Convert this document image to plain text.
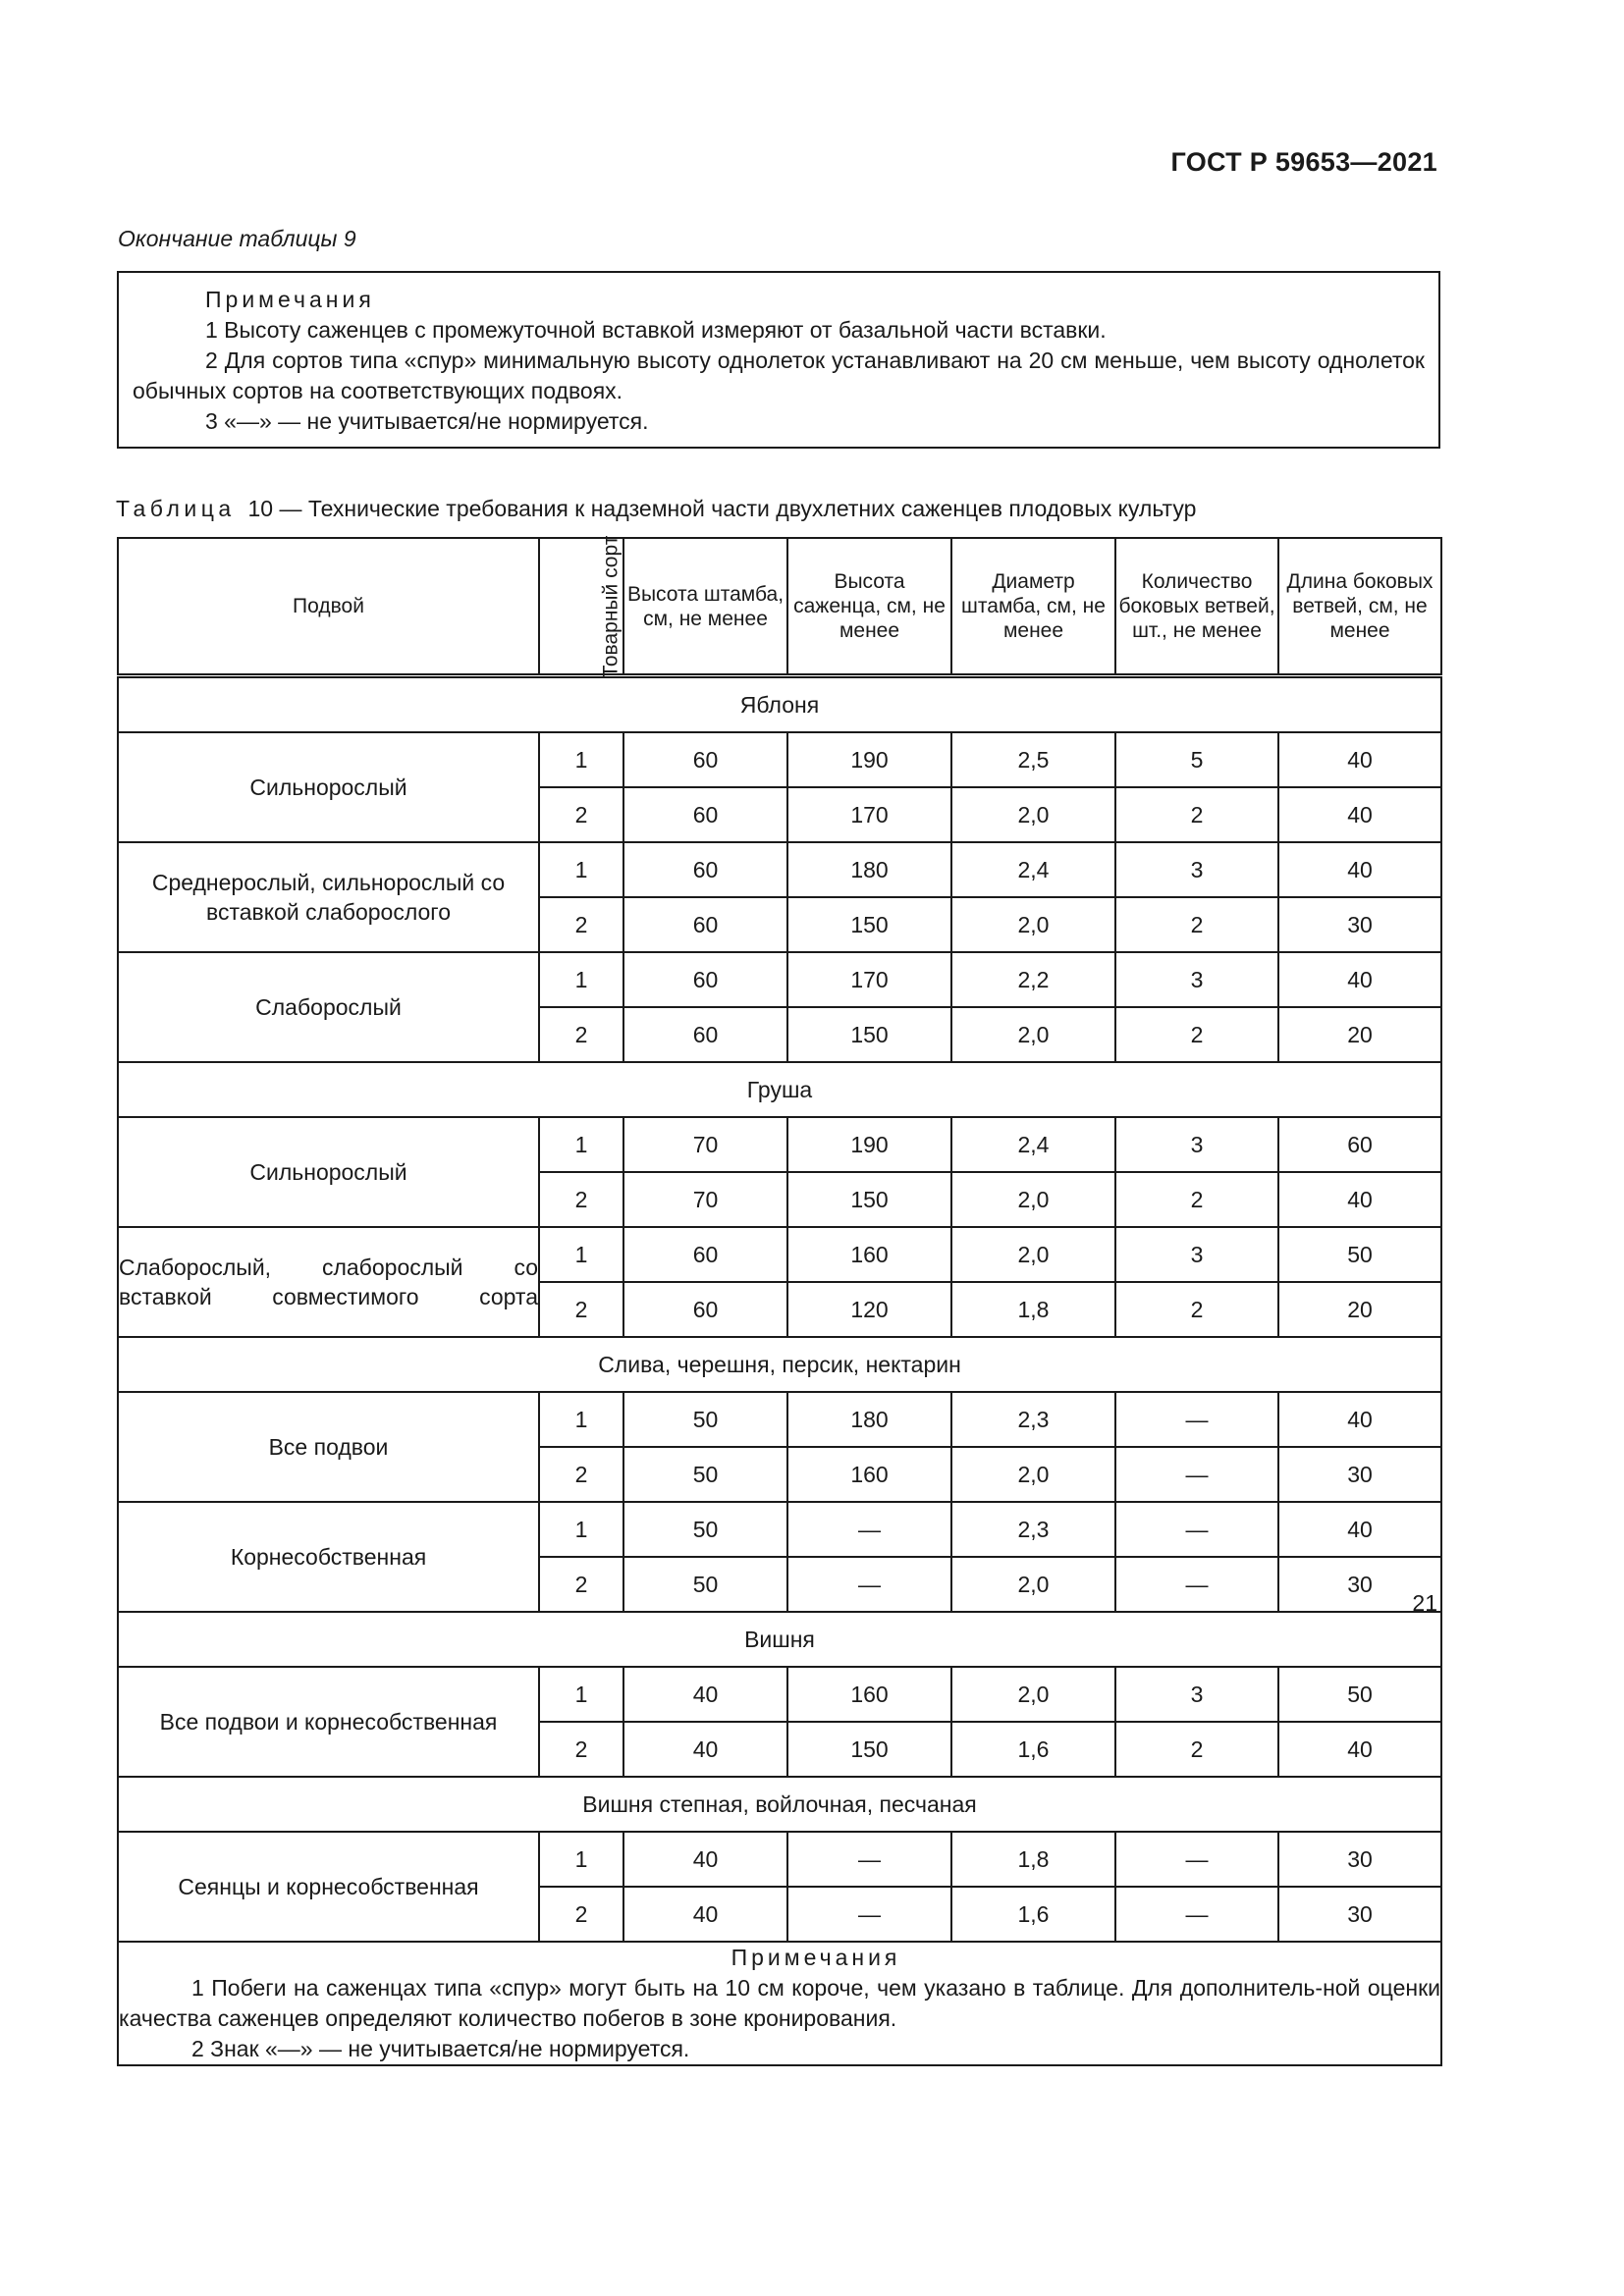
ГОСТ Р 59653—2021
Окончание таблицы 9
Примечания
1 Высоту саженцев с промежуточной вставкой измеряют от базальной части вставки.
2 Для сортов типа «спур» минимальную высоту однолеток устанавливают на 20 см меньше, чем высоту однолеток обычных сортов на соответствующих подвоях.
3 «—» — не учитывается/не нормируется.
Таблица 10 — Технические требования к надземной части двухлетних саженцев плодовых культур
Подвой	Товарный сорт	Высота штамба, см, не менее	Высота саженца, см, не менее	Диаметр штамба, см, не менее	Количество боковых ветвей, шт., не менее	Длина боковых ветвей, см, не менее
Яблоня						
Сильнорослый	1	60	190	2,5	5	40
	2	60	170	2,0	2	40
Среднерослый, сильнорослый со вставкой слаборослого	1	60	180	2,4	3	40
	2	60	150	2,0	2	30
Слаборослый	1	60	170	2,2	3	40
	2	60	150	2,0	2	20
Груша						
Сильнорослый	1	70	190	2,4	3	60
	2	70	150	2,0	2	40
Слаборослый, слаборослый со вставкой совместимого сорта	1	60	160	2,0	3	50
	2	60	120	1,8	2	20
Слива, черешня, персик, нектарин						
Все подвои	1	50	180	2,3	—	40
	2	50	160	2,0	—	30
Корнесобственная	1	50	—	2,3	—	40
	2	50	—	2,0	—	30
Вишня						
Все подвои и корнесобственная	1	40	160	2,0	3	50
	2	40	150	1,6	2	40
Вишня степная, войлочная, песчаная						
Сеянцы и корнесобственная	1	40	—	1,8	—	30
	2	40	—	1,6	—	30

Примечания
1 Побеги на саженцах типа «спур» могут быть на 10 см короче, чем указано в таблице. Для дополнитель-ной оценки качества саженцев определяют количество побегов в зоне кронирования.
2 Знак «—» — не учитывается/не нормируется.						
21
